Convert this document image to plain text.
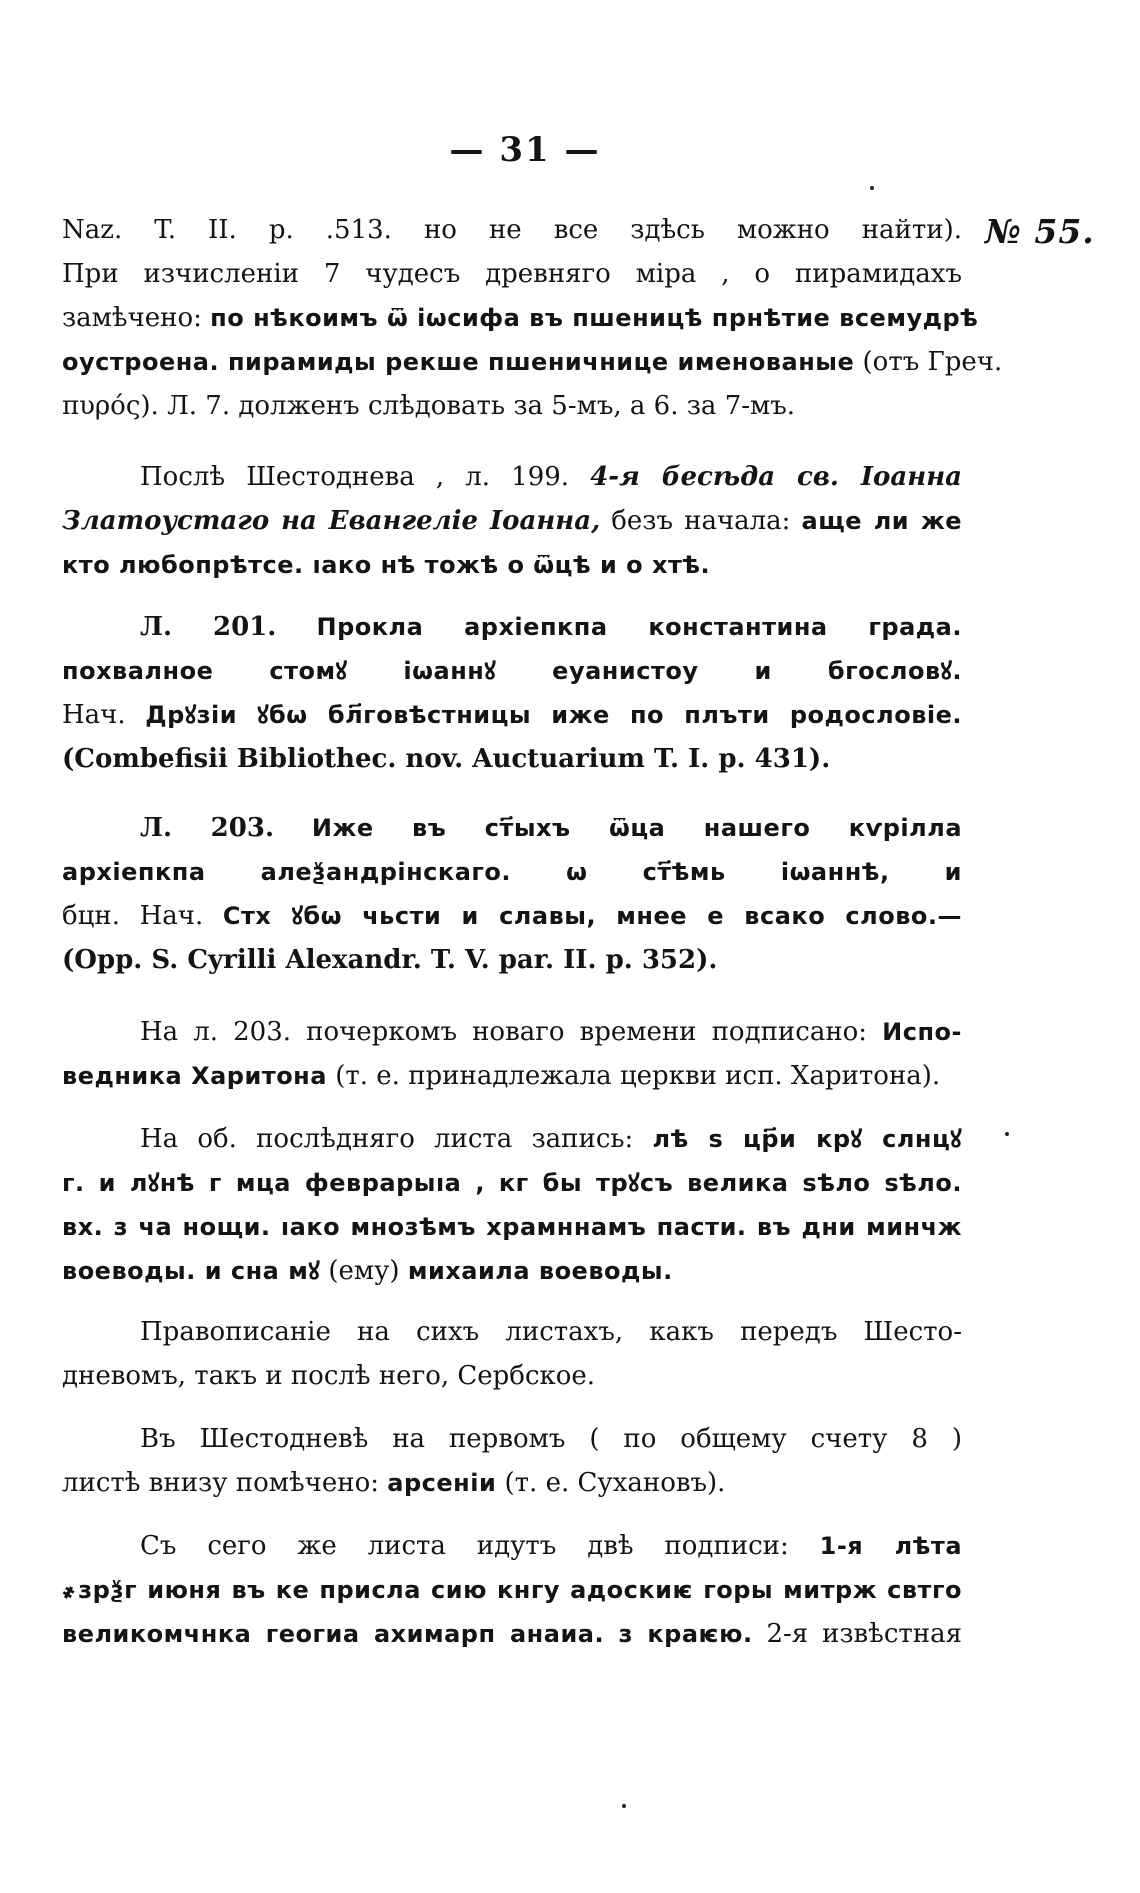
— 31 —
№ 55.
Naz. T. II. p. .513. но не все здѣсь можно найти).
При изчисленіи 7 чудесъ древняго міра , о пирамидахъ
замѣчено: по нѣкоимъ ѿ іѡсифа въ пшеницѣ прнѣтие всемудрѣ
оустроена. пирамиды рекше пшеничнице именованые (отъ Греч.
πυρός). Л. 7. долженъ слѣдовать за 5-мъ, а 6. за 7-мъ.
Послѣ Шестоднева , л. 199. 4-я бесѣда св. Іоанна
Златоустаго на Евангеліе Іоанна, безъ начала: аще ли же
кто любопрѣтсе. ıако нѣ тожѣ о ѿцѣ и о хтѣ.
Л. 201. Прокла архіепкпа константина града.
похвалное стомꙋ іѡаннꙋ еуанистоу и бгословꙋ.
Нач. Дрꙋзіи ꙋбѡ бл҃говѣстницы иже по плъти родословіе.
(Combefisii Bibliothec. nov. Auctuarium T. I. p. 431).
Л. 203. Иже въ ст҃ыхъ ѿца нашего кѵрілла
архіепкпа алеѯандрінскаго. ѡ ст҃ѣмь іѡаннѣ, и
бцн. Нач. Стх ꙋбѡ чьсти и славы, мнее е всако слово.—
(Opp. S. Cyrilli Alexandr. T. V. par. II. p. 352).
На л. 203. почеркомъ новаго времени подписано: Испо-
ведника Харитона (т. е. принадлежала церкви исп. Харитона).
На об. послѣдняго листа запись: лѣ ѕ цр҃и крꙋ слнцꙋ
г. и лꙋнѣ г мца феврарыıа , кг бы трꙋсъ велика ѕѣло ѕѣло.
вх. з ча нощи. ıако мнозѣмъ храмннамъ пасти. въ дни минчж
воеводы. и сна мꙋ (ему) михаила воеводы.
Правописаніе на сихъ листахъ, какъ передъ Шесто-
дневомъ, такъ и послѣ него, Сербское.
Въ Шестодневѣ на первомъ ( по общему счету 8 )
листѣ внизу помѣчено: арсеніи (т. е. Сухановъ).
Съ сего же листа идутъ двѣ подписи: 1-я лѣта
҂зрѯг июня въ ке присла сию кнгу адоскиѥ горы митрж свтго
великомчнка геогиа ахимарп анаиа. з краѥю. 2-я извѣстная
